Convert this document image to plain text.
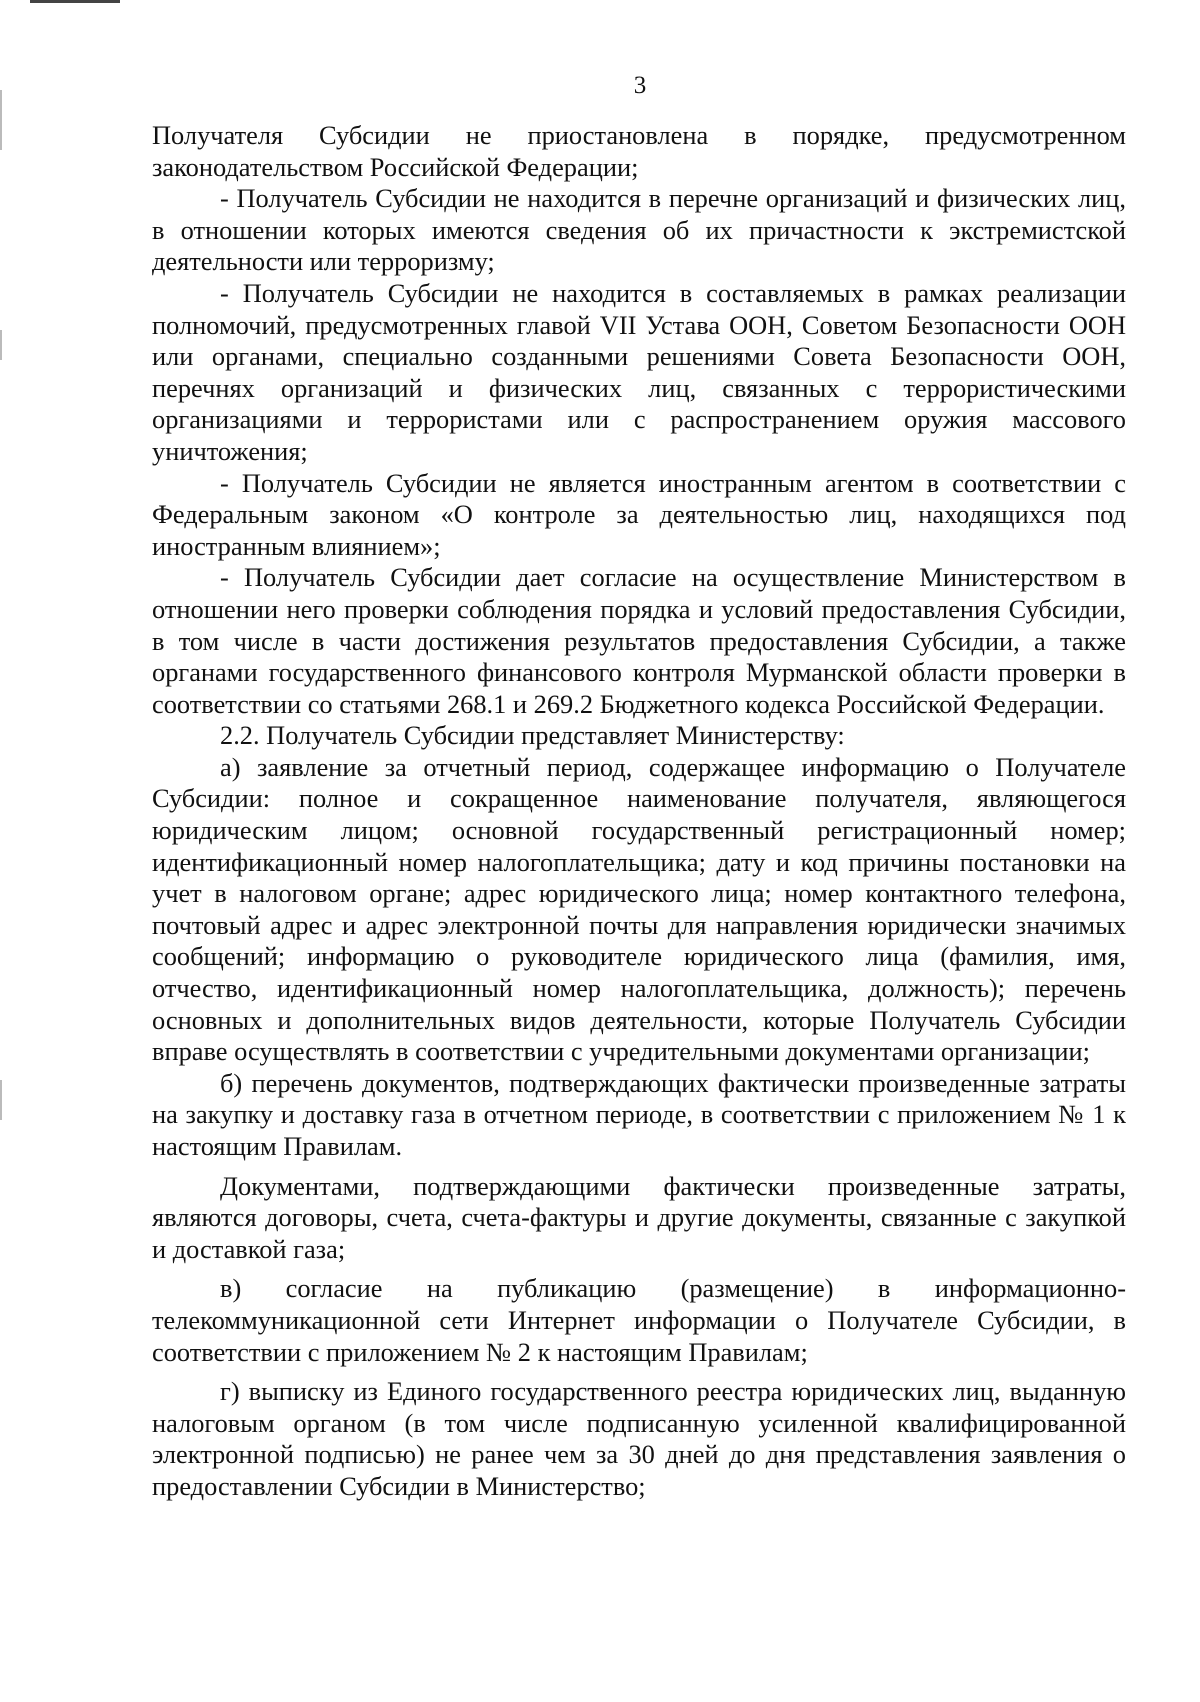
3

Получателя Субсидии не приостановлена в порядке, предусмотренном законодательством Российской Федерации;

- Получатель Субсидии не находится в перечне организаций и физических лиц, в отношении которых имеются сведения об их причастности к экстремистской деятельности или терроризму;

- Получатель Субсидии не находится в составляемых в рамках реализации полномочий, предусмотренных главой VII Устава ООН, Советом Безопасности ООН или органами, специально созданными решениями Совета Безопасности ООН, перечнях организаций и физических лиц, связанных с террористическими организациями и террористами или с распространением оружия массового уничтожения;

- Получатель Субсидии не является иностранным агентом в соответствии с Федеральным законом «О контроле за деятельностью лиц, находящихся под иностранным влиянием»;

- Получатель Субсидии дает согласие на осуществление Министерством в отношении него проверки соблюдения порядка и условий предоставления Субсидии, в том числе в части достижения результатов предоставления Субсидии, а также органами государственного финансового контроля Мурманской области проверки в соответствии со статьями 268.1 и 269.2 Бюджетного кодекса Российской Федерации.

2.2. Получатель Субсидии представляет Министерству:

а) заявление за отчетный период, содержащее информацию о Получателе Субсидии: полное и сокращенное наименование получателя, являющегося юридическим лицом; основной государственный регистрационный номер; идентификационный номер налогоплательщика; дату и код причины постановки на учет в налоговом органе; адрес юридического лица; номер контактного телефона, почтовый адрес и адрес электронной почты для направления юридически значимых сообщений; информацию о руководителе юридического лица (фамилия, имя, отчество, идентификационный номер налогоплательщика, должность); перечень основных и дополнительных видов деятельности, которые Получатель Субсидии вправе осуществлять в соответствии с учредительными документами организации;

б) перечень документов, подтверждающих фактически произведенные затраты на закупку и доставку газа в отчетном периоде, в соответствии с приложением № 1 к настоящим Правилам.

Документами, подтверждающими фактически произведенные затраты, являются договоры, счета, счета-фактуры и другие документы, связанные с закупкой и доставкой газа;

в) согласие на публикацию (размещение) в информационно-телекоммуникационной сети Интернет информации о Получателе Субсидии, в соответствии с приложением № 2 к настоящим Правилам;

г) выписку из Единого государственного реестра юридических лиц, выданную налоговым органом (в том числе подписанную усиленной квалифицированной электронной подписью) не ранее чем за 30 дней до дня представления заявления о предоставлении Субсидии в Министерство;
